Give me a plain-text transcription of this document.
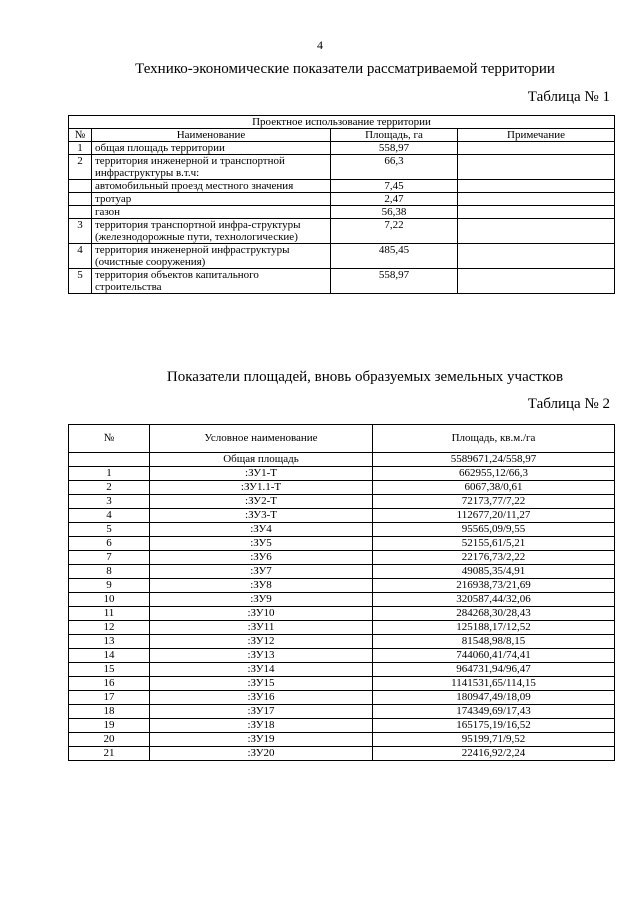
4
Технико-экономические показатели рассматриваемой территории
Таблица № 1
Проектное использование территории			
№	Наименование	Площадь, га	Примечание
1	общая площадь территории	558,97	
2	территория инженерной и транспортной инфраструктуры в.т.ч:	66,3	
	автомобильный проезд местного значения	7,45	
	тротуар	2,47	
	газон	56,38	
3	территория транспортной инфра-структуры (железнодорожные пути, технологические)	7,22	
4	территория инженерной инфраструктуры (очистные сооружения)	485,45	
5	территория объектов капитального строительства	558,97	
Показатели площадей, вновь образуемых земельных участков
Таблица № 2
№	Условное наименование	Площадь, кв.м./га
	Общая площадь	5589671,24/558,97
1	:ЗУ1-Т	662955,12/66,3
2	:ЗУ1.1-Т	6067,38/0,61
3	:ЗУ2-Т	72173,77/7,22
4	:ЗУ3-Т	112677,20/11,27
5	:ЗУ4	95565,09/9,55
6	:ЗУ5	52155,61/5,21
7	:ЗУ6	22176,73/2,22
8	:ЗУ7	49085,35/4,91
9	:ЗУ8	216938,73/21,69
10	:ЗУ9	320587,44/32,06
11	:ЗУ10	284268,30/28,43
12	:ЗУ11	125188,17/12,52
13	:ЗУ12	81548,98/8,15
14	:ЗУ13	744060,41/74,41
15	:ЗУ14	964731,94/96,47
16	:ЗУ15	1141531,65/114,15
17	:ЗУ16	180947,49/18,09
18	:ЗУ17	174349,69/17,43
19	:ЗУ18	165175,19/16,52
20	:ЗУ19	95199,71/9,52
21	:ЗУ20	22416,92/2,24
